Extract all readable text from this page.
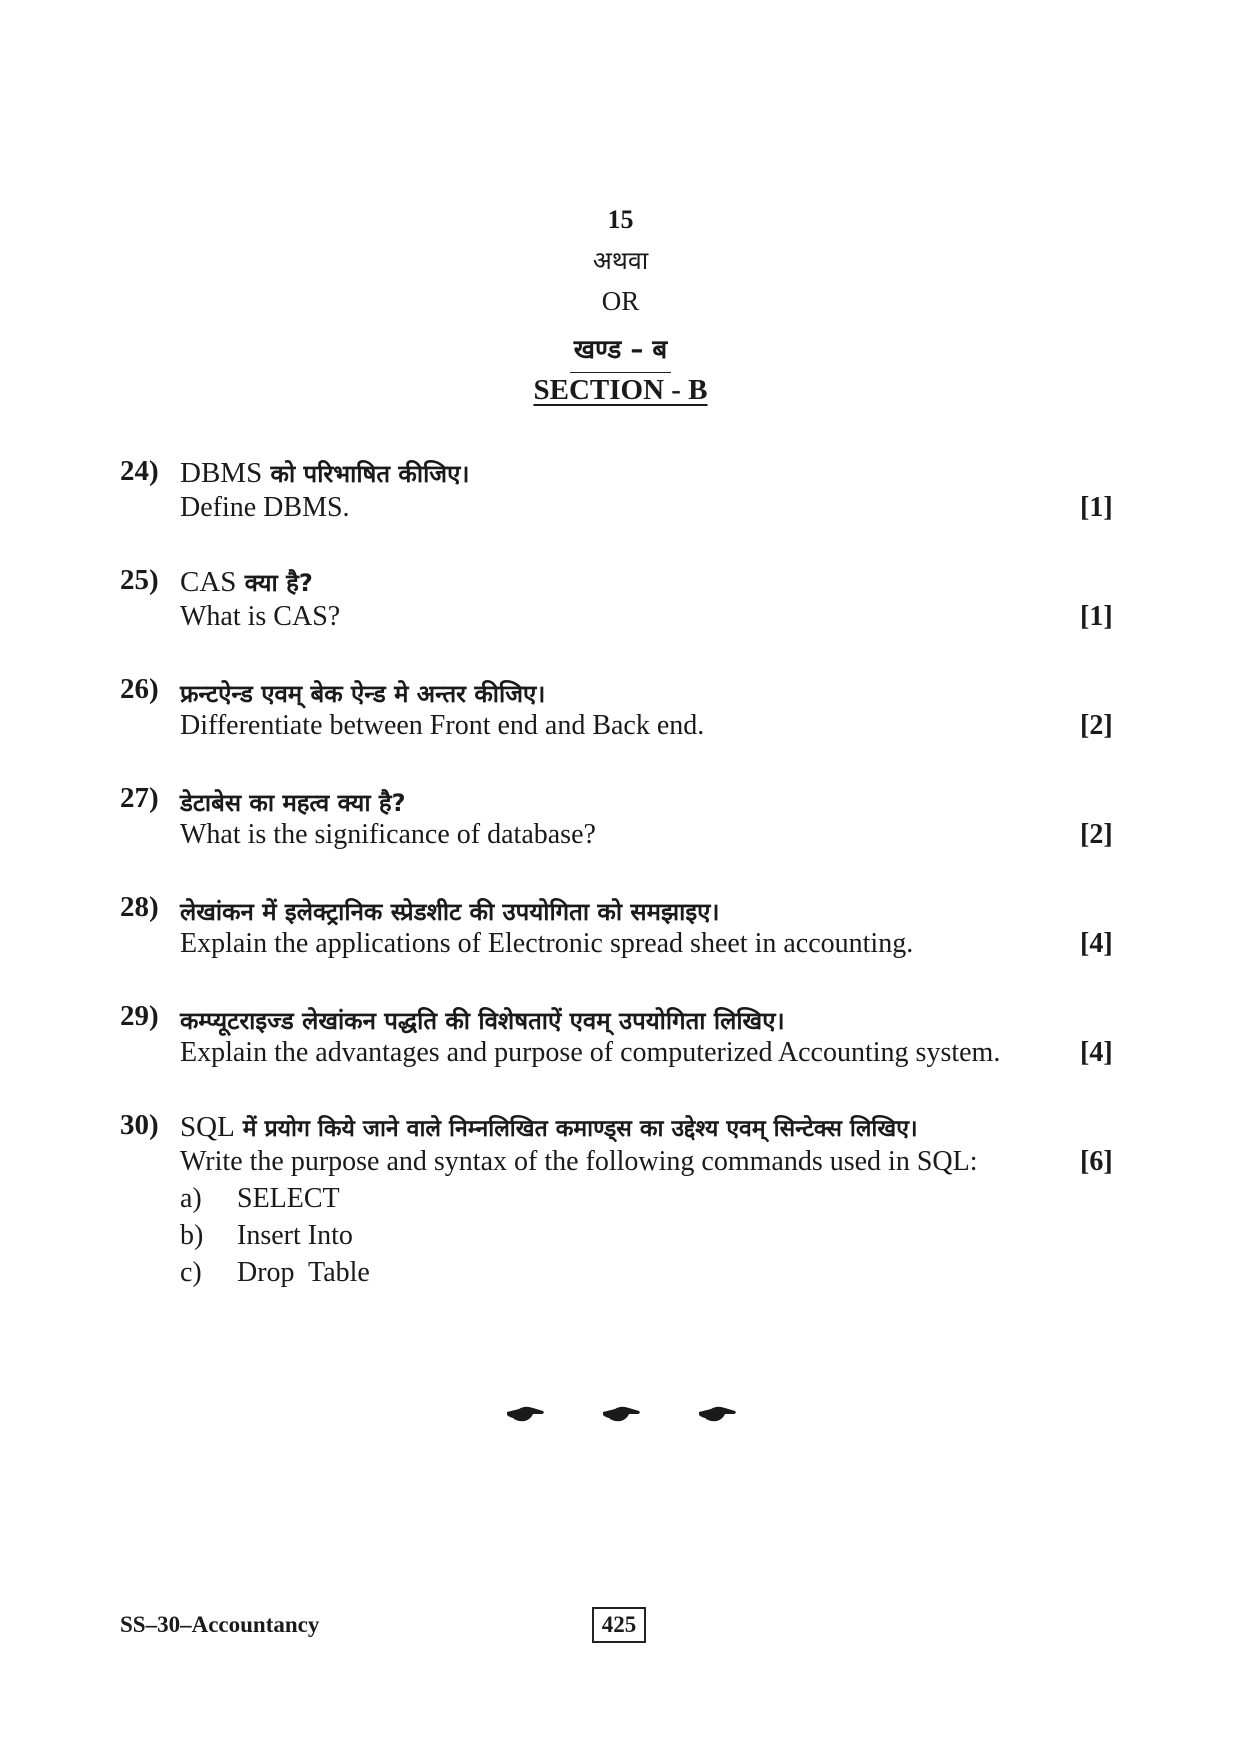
15
अथवा
OR
खण्ड – ब
SECTION - B
24) DBMS को परिभाषित कीजिए।
Define DBMS.	[1]
25) CAS क्या है?
What is CAS?	[1]
26) फ्रन्टऐन्ड एवम् बेक ऐन्ड मे अन्तर कीजिए।
Differentiate between Front end and Back end.	[2]
27) डेटाबेस का महत्व क्या है?
What is the significance of database?	[2]
28) लेखांकन में इलेक्ट्रानिक स्प्रेडशीट की उपयोगिता को समझाइए।
Explain the applications of Electronic spread sheet in accounting.	[4]
29) कम्प्यूटराइज्ड लेखांकन पद्धति की विशेषताऐं एवम् उपयोगिता लिखिए।
Explain the advantages and purpose of computerized Accounting system.	[4]
30) SQL में प्रयोग किये जाने वाले निम्नलिखित कमाण्ड्स का उद्देश्य एवम् सिन्टेक्स लिखिए।
Write the purpose and syntax of the following commands used in SQL:	[6]
a) SELECT
b) Insert Into
c) Drop  Table

SS–30–Accountancy	425
